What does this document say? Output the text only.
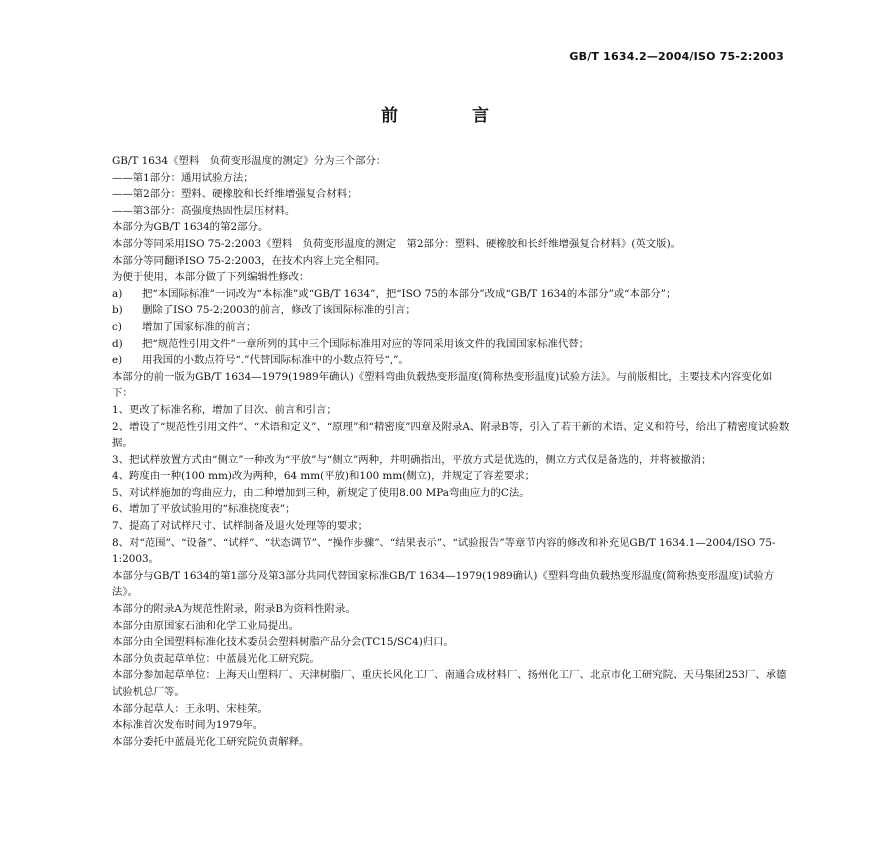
GB/T 1634.2—2004/ISO 75-2:2003
前 言

GB/T 1634《塑料　负荷变形温度的测定》分为三个部分：

——第1部分：通用试验方法；

——第2部分：塑料、硬橡胶和长纤维增强复合材料；

——第3部分：高强度热固性层压材料。

本部分为GB/T 1634的第2部分。

本部分等同采用ISO 75-2:2003《塑料　负荷变形温度的测定　第2部分：塑料、硬橡胶和长纤维增强复合材料》(英文版)。

本部分等同翻译ISO 75-2:2003，在技术内容上完全相同。

为便于使用，本部分做了下列编辑性修改：

a)	把“本国际标准”一词改为“本标准”或“GB/T 1634”，把“ISO 75的本部分”改成“GB/T 1634的本部分”或“本部分”；
b)	删除了ISO 75-2:2003的前言，修改了该国际标准的引言；
c)	增加了国家标准的前言；
d)	把“规范性引用文件”一章所列的其中三个国际标准用对应的等同采用该文件的我国国家标准代替；
e)	用我国的小数点符号“.”代替国际标准中的小数点符号“,”。

本部分的前一版为GB/T 1634—1979(1989年确认)《塑料弯曲负载热变形温度(简称热变形温度)试验方法》。与前版相比，主要技术内容变化如下：

1、更改了标准名称，增加了目次、前言和引言；

2、增设了“规范性引用文件”、“术语和定义”、“原理”和“精密度”四章及附录A、附录B等，引入了若干新的术语、定义和符号，给出了精密度试验数据。

3、把试样放置方式由“侧立”一种改为“平放”与“侧立”两种，并明确指出，平放方式是优选的，侧立方式仅是备选的，并将被撤消；

4、跨度由一种(100 mm)改为两种，64 mm(平放)和100 mm(侧立)，并规定了容差要求；

5、对试样施加的弯曲应力，由二种增加到三种，新规定了使用8.00 MPa弯曲应力的C法。

6、增加了平放试验用的“标准挠度表”；

7、提高了对试样尺寸、试样制备及退火处理等的要求；

8、对“范围”、“设备”、“试样”、“状态调节”、“操作步骤”、“结果表示”、“试验报告”等章节内容的修改和补充见GB/T 1634.1—2004/ISO 75-1:2003。

本部分与GB/T 1634的第1部分及第3部分共同代替国家标准GB/T 1634—1979(1989确认)《塑料弯曲负载热变形温度(简称热变形温度)试验方法》。

本部分的附录A为规范性附录，附录B为资料性附录。

本部分由原国家石油和化学工业局提出。

本部分由全国塑料标准化技术委员会塑料树脂产品分会(TC15/SC4)归口。

本部分负责起草单位：中蓝晨光化工研究院。

本部分参加起草单位：上海天山塑料厂、天津树脂厂、重庆长风化工厂、南通合成材料厂、扬州化工厂、北京市化工研究院、天马集团253厂、承德试验机总厂等。

本部分起草人：王永明、宋桂荣。

本标准首次发布时间为1979年。

本部分委托中蓝晨光化工研究院负责解释。
